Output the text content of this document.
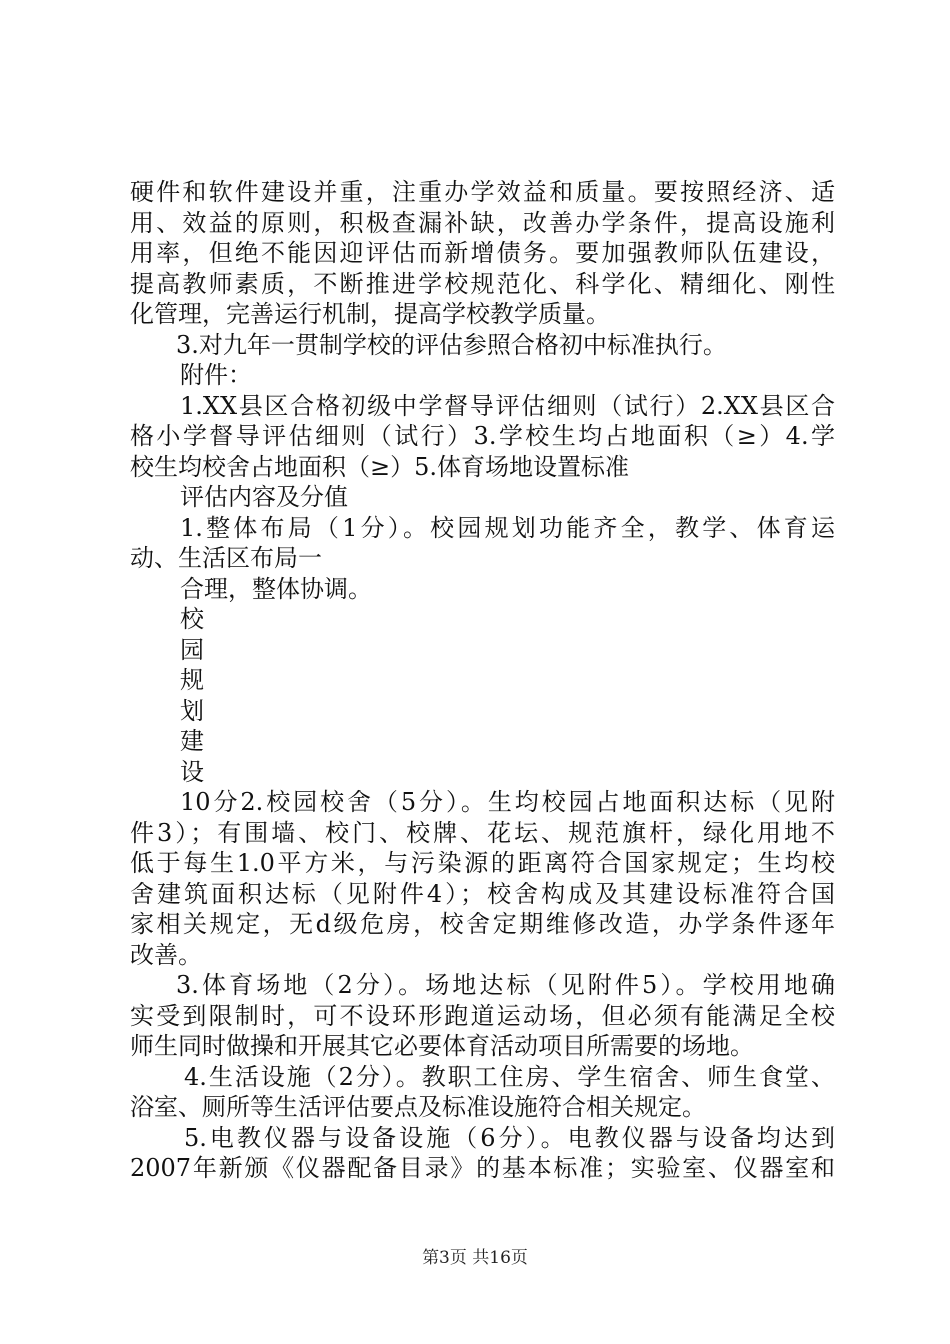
硬件和软件建设并重，注重办学效益和质量。要按照经济、适
用、效益的原则，积极查漏补缺，改善办学条件，提高设施利
用率，但绝不能因迎评估而新增债务。要加强教师队伍建设，
提高教师素质，不断推进学校规范化、科学化、精细化、刚性
化管理，完善运行机制，提高学校教学质量。
3.对九年一贯制学校的评估参照合格初中标准执行。
附件：
1.XX县区合格初级中学督导评估细则（试行）2.XX县区合
格小学督导评估细则（试行）3.学校生均占地面积（≥）4.学
校生均校舍占地面积（≥）5.体育场地设置标准
评估内容及分值
1.整体布局（1分）。校园规划功能齐全，教学、体育运
动、生活区布局一
合理，整体协调。
校
园
规
划
建
设
10分2.校园校舍（5分）。生均校园占地面积达标（见附
件3）；有围墙、校门、校牌、花坛、规范旗杆，绿化用地不
低于每生1.0平方米，与污染源的距离符合国家规定；生均校
舍建筑面积达标（见附件4）；校舍构成及其建设标准符合国
家相关规定，无d级危房，校舍定期维修改造，办学条件逐年
改善。
3.体育场地（2分）。场地达标（见附件5）。学校用地确
实受到限制时，可不设环形跑道运动场，但必须有能满足全校
师生同时做操和开展其它必要体育活动项目所需要的场地。
4.生活设施（2分）。教职工住房、学生宿舍、师生食堂、
浴室、厕所等生活评估要点及标准设施符合相关规定。
5.电教仪器与设备设施（6分）。电教仪器与设备均达到
2007年新颁《仪器配备目录》的基本标准；实验室、仪器室和
第3页 共16页
